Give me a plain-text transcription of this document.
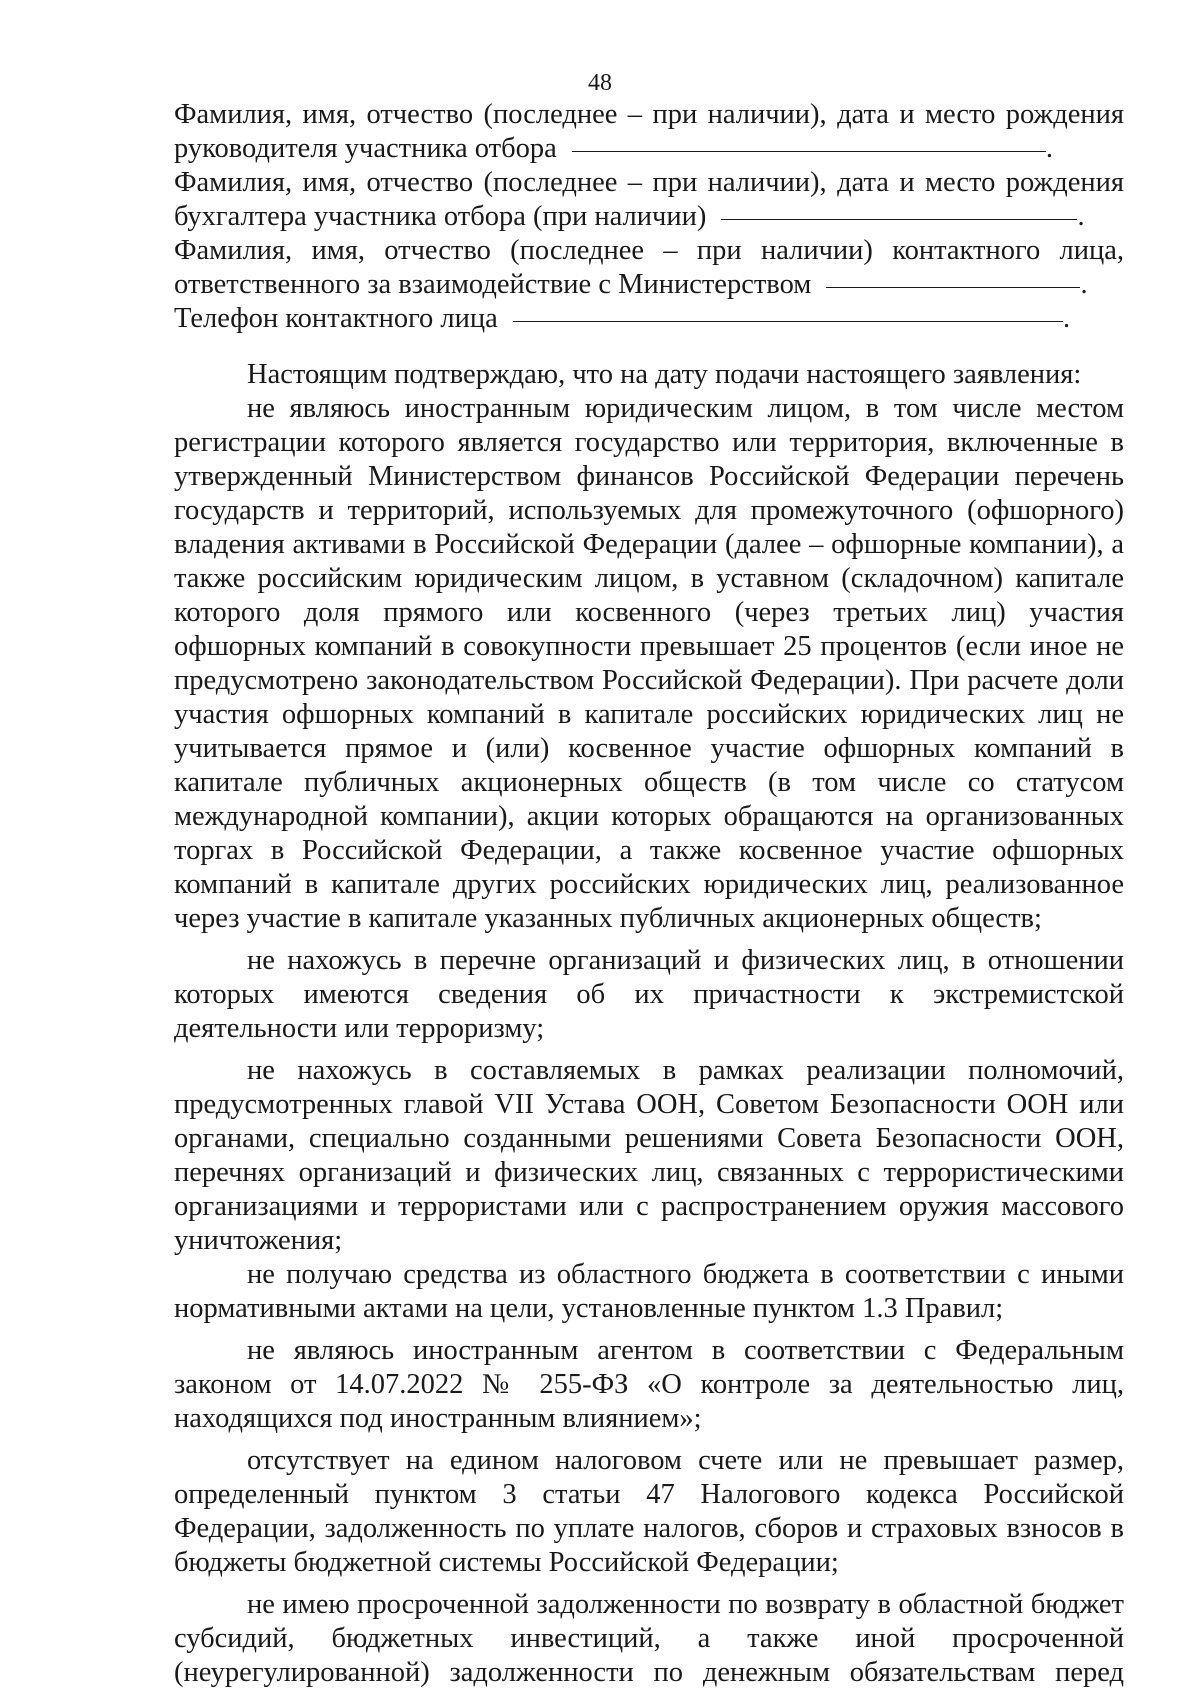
48
Фамилия, имя, отчество (последнее – при наличии), дата и место рождения
руководителя участника отбора	.
Фамилия, имя, отчество (последнее – при наличии), дата и место рождения
бухгалтера участника отбора (при наличии)	.
Фамилия, имя, отчество (последнее – при наличии) контактного лица,
ответственного за взаимодействие с Министерством	.
Телефон контактного лица	.

Настоящим подтверждаю, что на дату подачи настоящего заявления:

не являюсь иностранным юридическим лицом, в том числе местом регистрации которого является государство или территория, включенные в утвержденный Министерством финансов Российской Федерации перечень государств и территорий, используемых для промежуточного (офшорного) владения активами в Российской Федерации (далее – офшорные компании), а также российским юридическим лицом, в уставном (складочном) капитале которого доля прямого или косвенного (через третьих лиц) участия офшорных компаний в совокупности превышает 25 процентов (если иное не предусмотрено законодательством Российской Федерации). При расчете доли участия офшорных компаний в капитале российских юридических лиц не учитывается прямое и (или) косвенное участие офшорных компаний в капитале публичных акционерных обществ (в том числе со статусом международной компании), акции которых обращаются на организованных торгах в Российской Федерации, а также косвенное участие офшорных компаний в капитале других российских юридических лиц, реализованное через участие в капитале указанных публичных акционерных обществ;

не нахожусь в перечне организаций и физических лиц, в отношении которых имеются сведения об их причастности к экстремистской деятельности или терроризму;

не нахожусь в составляемых в рамках реализации полномочий, предусмотренных главой VII Устава ООН, Советом Безопасности ООН или органами, специально созданными решениями Совета Безопасности ООН, перечнях организаций и физических лиц, связанных с террористическими организациями и террористами или с распространением оружия массового уничтожения;

не получаю средства из областного бюджета в соответствии с иными нормативными актами на цели, установленные пунктом 1.3 Правил;

не являюсь иностранным агентом в соответствии с Федеральным законом от 14.07.2022 № 255-ФЗ «О контроле за деятельностью лиц, находящихся под иностранным влиянием»;

отсутствует на едином налоговом счете или не превышает размер, определенный пунктом 3 статьи 47 Налогового кодекса Российской Федерации, задолженность по уплате налогов, сборов и страховых взносов в бюджеты бюджетной системы Российской Федерации;

не имею просроченной задолженности по возврату в областной бюджет субсидий, бюджетных инвестиций, а также иной просроченной (неурегулированной) задолженности по денежным обязательствам перед
